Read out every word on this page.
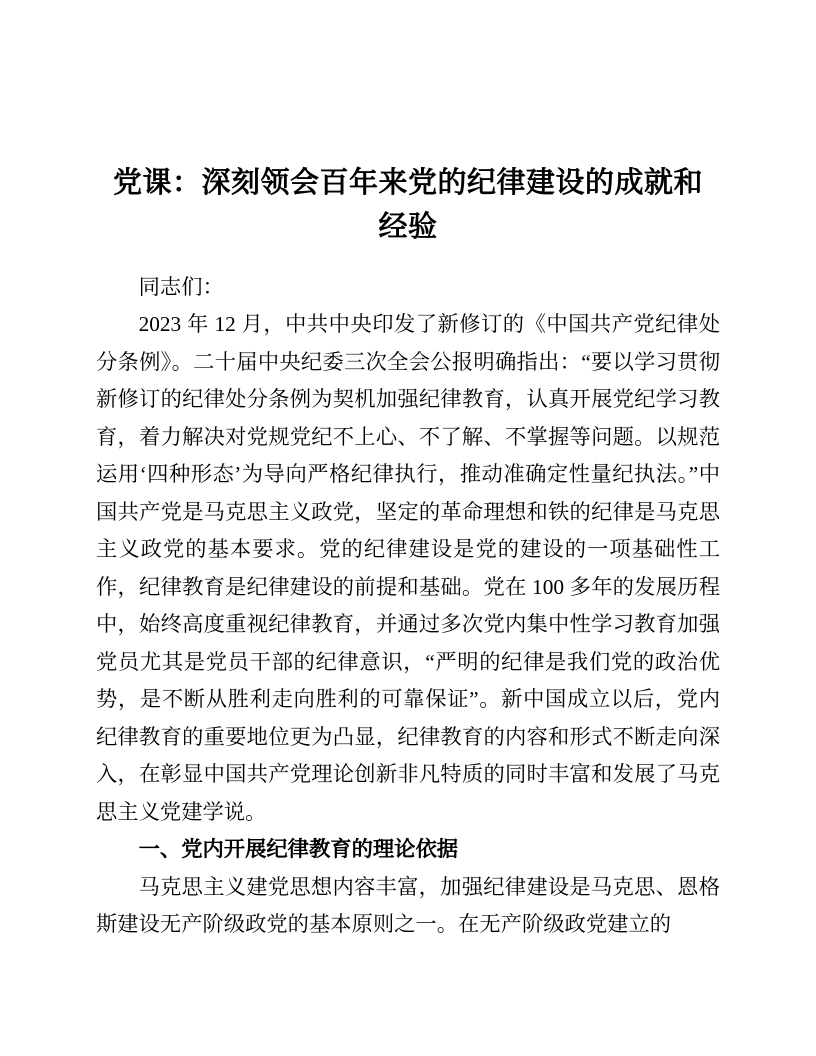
党课：深刻领会百年来党的纪律建设的成就和
经验

同志们：

2023 年 12 月，中共中央印发了新修订的《中国共产党纪律处分条例》。二十届中央纪委三次全会公报明确指出：“要以学习贯彻新修订的纪律处分条例为契机加强纪律教育，认真开展党纪学习教育，着力解决对党规党纪不上心、不了解、不掌握等问题。以规范运用‘四种形态’为导向严格纪律执行，推动准确定性量纪执法。”中国共产党是马克思主义政党，坚定的革命理想和铁的纪律是马克思主义政党的基本要求。党的纪律建设是党的建设的一项基础性工作，纪律教育是纪律建设的前提和基础。党在 100 多年的发展历程中，始终高度重视纪律教育，并通过多次党内集中性学习教育加强党员尤其是党员干部的纪律意识，“严明的纪律是我们党的政治优势，是不断从胜利走向胜利的可靠保证”。新中国成立以后，党内纪律教育的重要地位更为凸显，纪律教育的内容和形式不断走向深入，在彰显中国共产党理论创新非凡特质的同时丰富和发展了马克思主义党建学说。

一、党内开展纪律教育的理论依据

马克思主义建党思想内容丰富，加强纪律建设是马克思、恩格斯建设无产阶级政党的基本原则之一。在无产阶级政党建立的
